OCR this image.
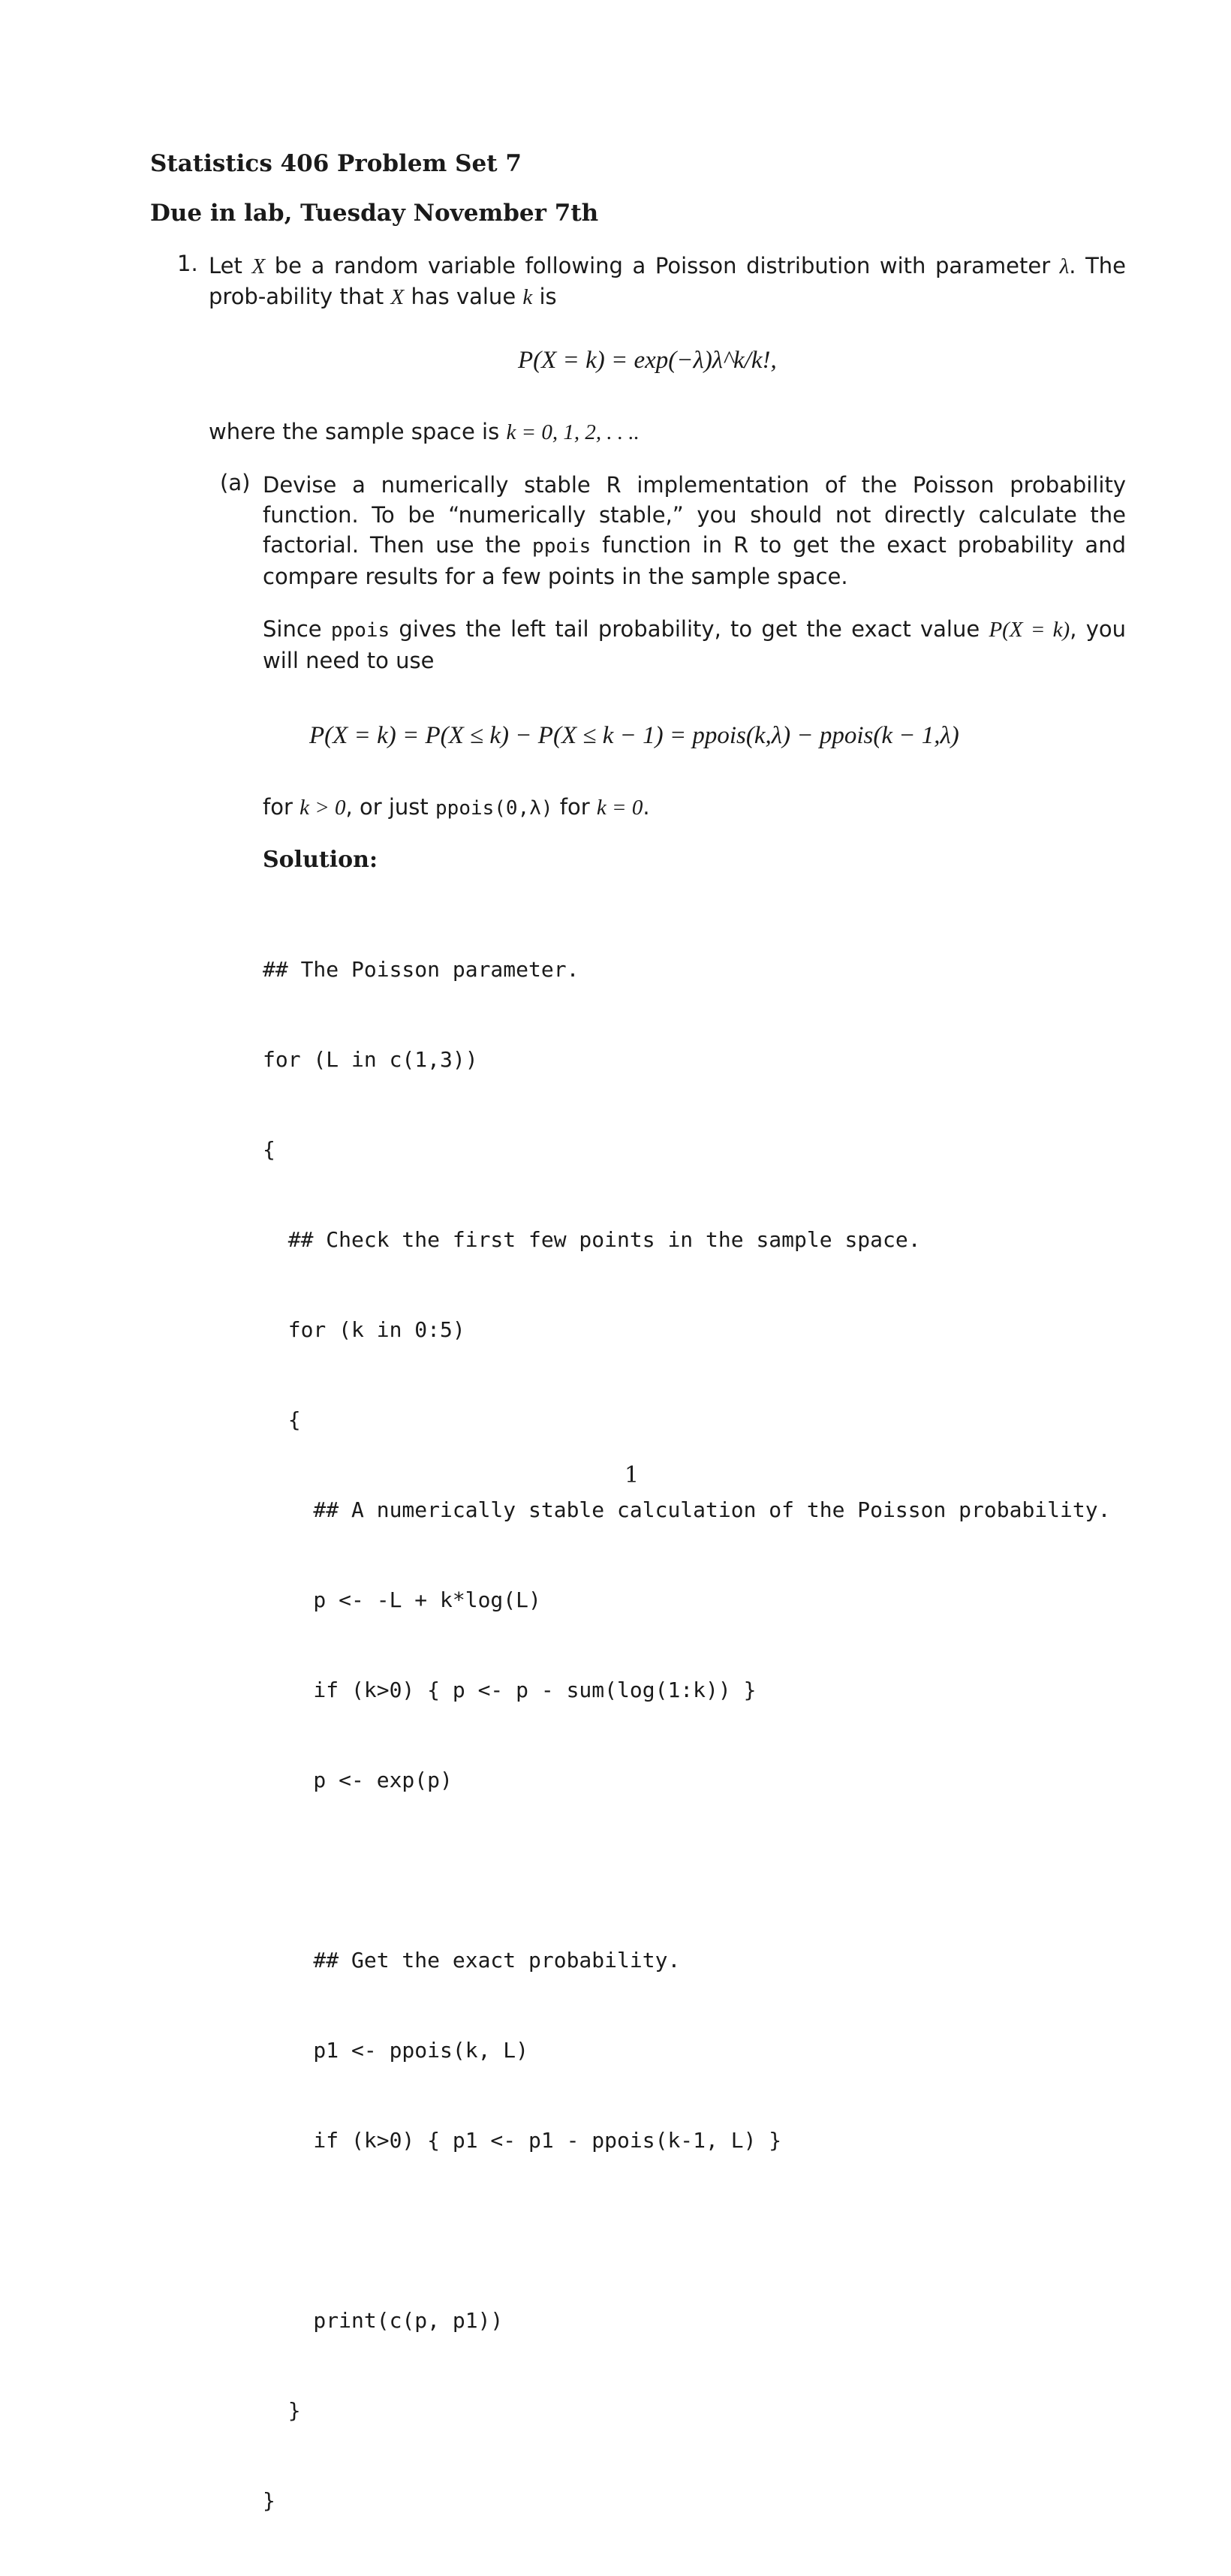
Statistics 406 Problem Set 7
Due in lab, Tuesday November 7th
1. Let X be a random variable following a Poisson distribution with parameter λ. The prob-ability that X has value k is
P(X = k) = exp(−λ)λ^k/k!,
where the sample space is k = 0, 1, 2, . . ..
(a) Devise a numerically stable R implementation of the Poisson probability function. To be “numerically stable,” you should not directly calculate the factorial. Then use the ppois function in R to get the exact probability and compare results for a few points in the sample space.
Since ppois gives the left tail probability, to get the exact value P(X = k), you will need to use
P(X = k) = P(X ≤ k) − P(X ≤ k − 1) = ppois(k,λ) − ppois(k − 1,λ)
for k > 0, or just ppois(0,λ) for k = 0.
Solution:

## The Poisson parameter.

for (L in c(1,3))

{

## Check the first few points in the sample space.

for (k in 0:5)

{

## A numerically stable calculation of the Poisson probability.

p <- -L + k*log(L)

if (k>0) { p <- p - sum(log(1:k)) }

p <- exp(p)

## Get the exact probability.

p1 <- ppois(k, L)

if (k>0) { p1 <- p1 - ppois(k-1, L) }

print(c(p, p1))

}

}

1
